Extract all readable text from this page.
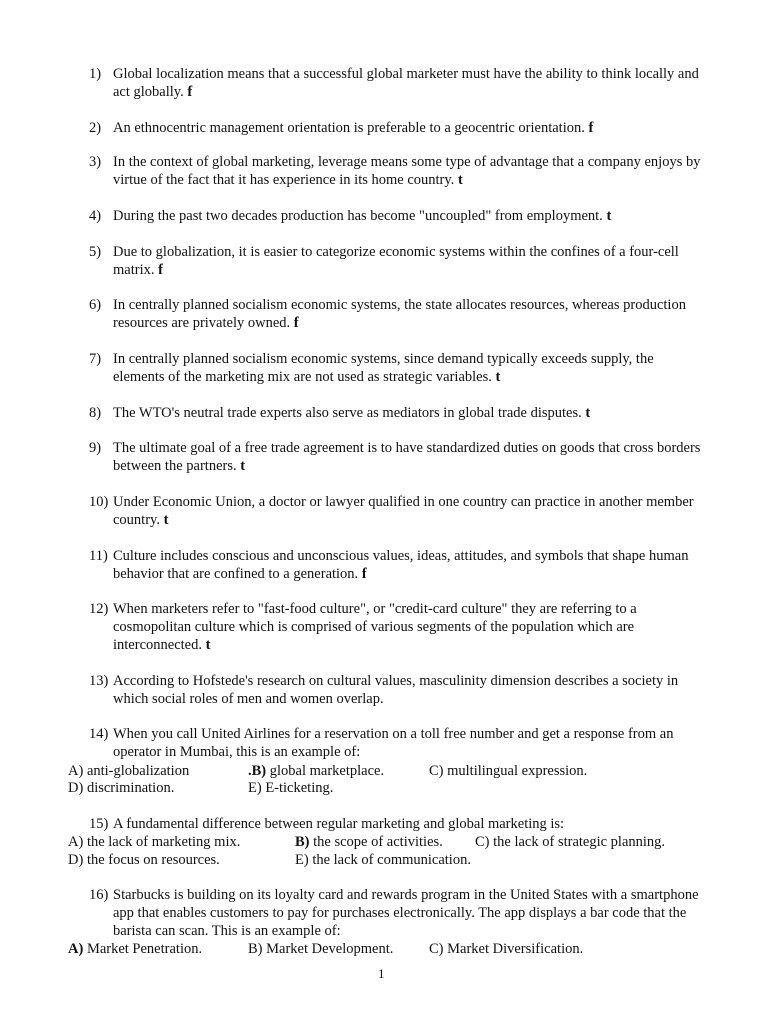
1) Global localization means that a successful global marketer must have the ability to think locally and act globally. f
2) An ethnocentric management orientation is preferable to a geocentric orientation. f
3) In the context of global marketing, leverage means some type of advantage that a company enjoys by virtue of the fact that it has experience in its home country. t
4) During the past two decades production has become "uncoupled" from employment. t
5) Due to globalization, it is easier to categorize economic systems within the confines of a four-cell matrix. f
6) In centrally planned socialism economic systems, the state allocates resources, whereas production resources are privately owned. f
7) In centrally planned socialism economic systems, since demand typically exceeds supply, the elements of the marketing mix are not used as strategic variables. t
8) The WTO's neutral trade experts also serve as mediators in global trade disputes. t
9) The ultimate goal of a free trade agreement is to have standardized duties on goods that cross borders between the partners. t
10) Under Economic Union, a doctor or lawyer qualified in one country can practice in another member country. t
11) Culture includes conscious and unconscious values, ideas, attitudes, and symbols that shape human behavior that are confined to a generation. f
12) When marketers refer to "fast-food culture", or "credit-card culture" they are referring to a cosmopolitan culture which is comprised of various segments of the population which are interconnected. t
13) According to Hofstede's research on cultural values, masculinity dimension describes a society in which social roles of men and women overlap.
14) When you call United Airlines for a reservation on a toll free number and get a response from an operator in Mumbai, this is an example of:
A) anti-globalization	.B) global marketplace.	C) multilingual expression.
D) discrimination.	E) E-ticketing.
15) A fundamental difference between regular marketing and global marketing is:
A) the lack of marketing mix.	B) the scope of activities. C) the lack of strategic planning.
D) the focus on resources.	E) the lack of communication.
16) Starbucks is building on its loyalty card and rewards program in the United States with a smartphone app that enables customers to pay for purchases electronically. The app displays a bar code that the barista can scan. This is an example of:
A) Market Penetration.	B) Market Development. C) Market Diversification.
1
